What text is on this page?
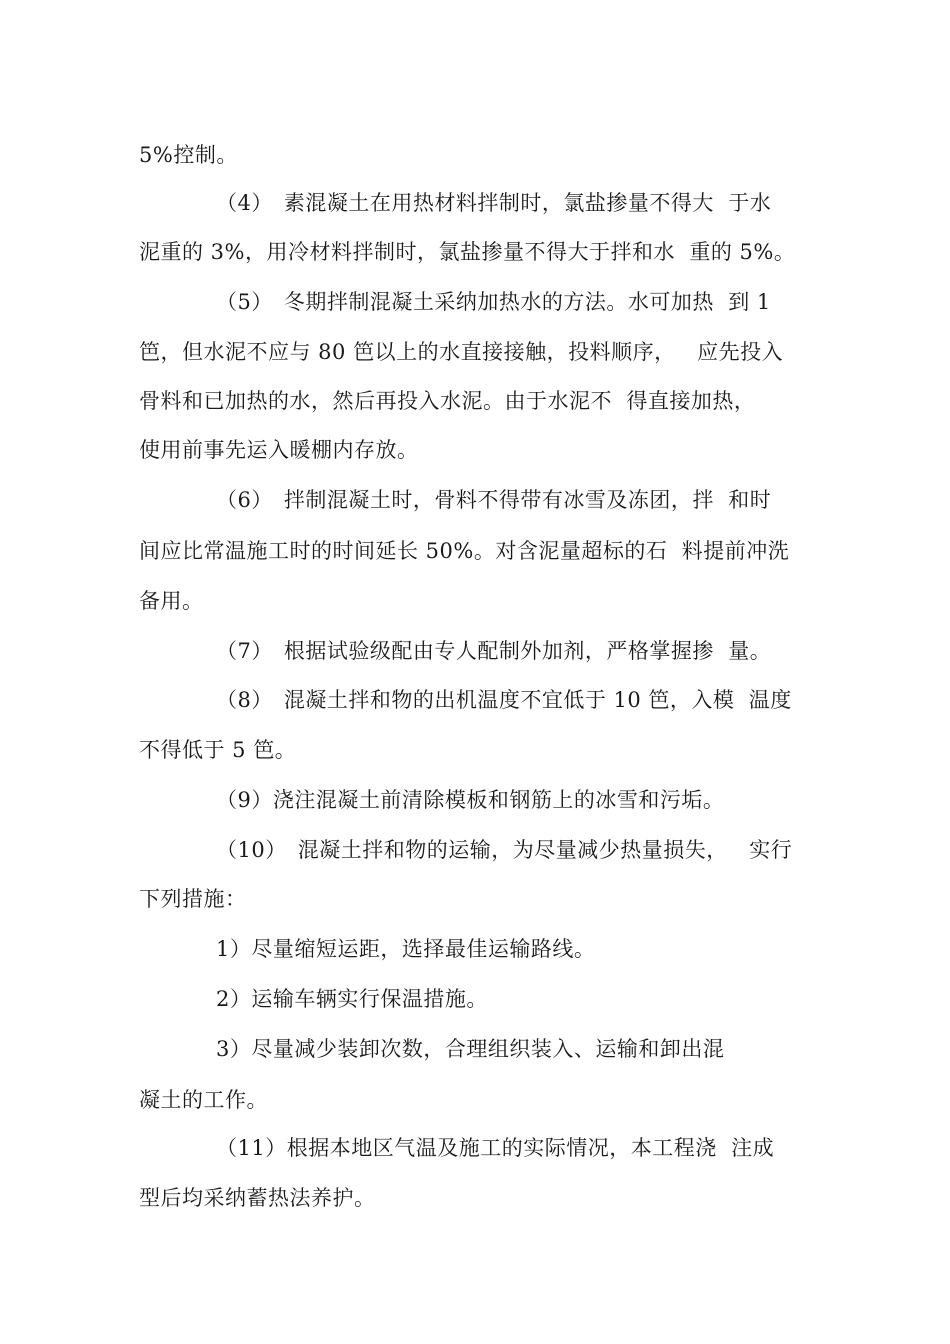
5%控制。
（4）　素混凝土在用热材料拌制时，氯盐掺量不得大  于水
泥重的 3%，用冷材料拌制时，氯盐掺量不得大于拌和水  重的 5%。
（5）　冬期拌制混凝土采纳加热水的方法。水可加热  到 1
笆，但水泥不应与 80 笆以上的水直接接触，投料顺序，   应先投入
骨料和已加热的水，然后再投入水泥。由于水泥不  得直接加热，
使用前事先运入暖棚内存放。
（6）　拌制混凝土时，骨料不得带有冰雪及冻团，拌  和时
间应比常温施工时的时间延长 50%。对含泥量超标的石  料提前冲洗
备用。
（7）　根据试验级配由专人配制外加剂，严格掌握掺  量。
（8）　混凝土拌和物的出机温度不宜低于 10 笆，入模  温度
不得低于 5 笆。
（9）浇注混凝土前清除模板和钢筋上的冰雪和污垢。
（10）　混凝土拌和物的运输，为尽量减少热量损失，   实行
下列措施：
1）尽量缩短运距，选择最佳运输路线。
2）运输车辆实行保温措施。
3）尽量减少装卸次数，合理组织装入、运输和卸出混
凝土的工作。
（11）根据本地区气温及施工的实际情况，本工程浇  注成
型后均采纳蓄热法养护。
